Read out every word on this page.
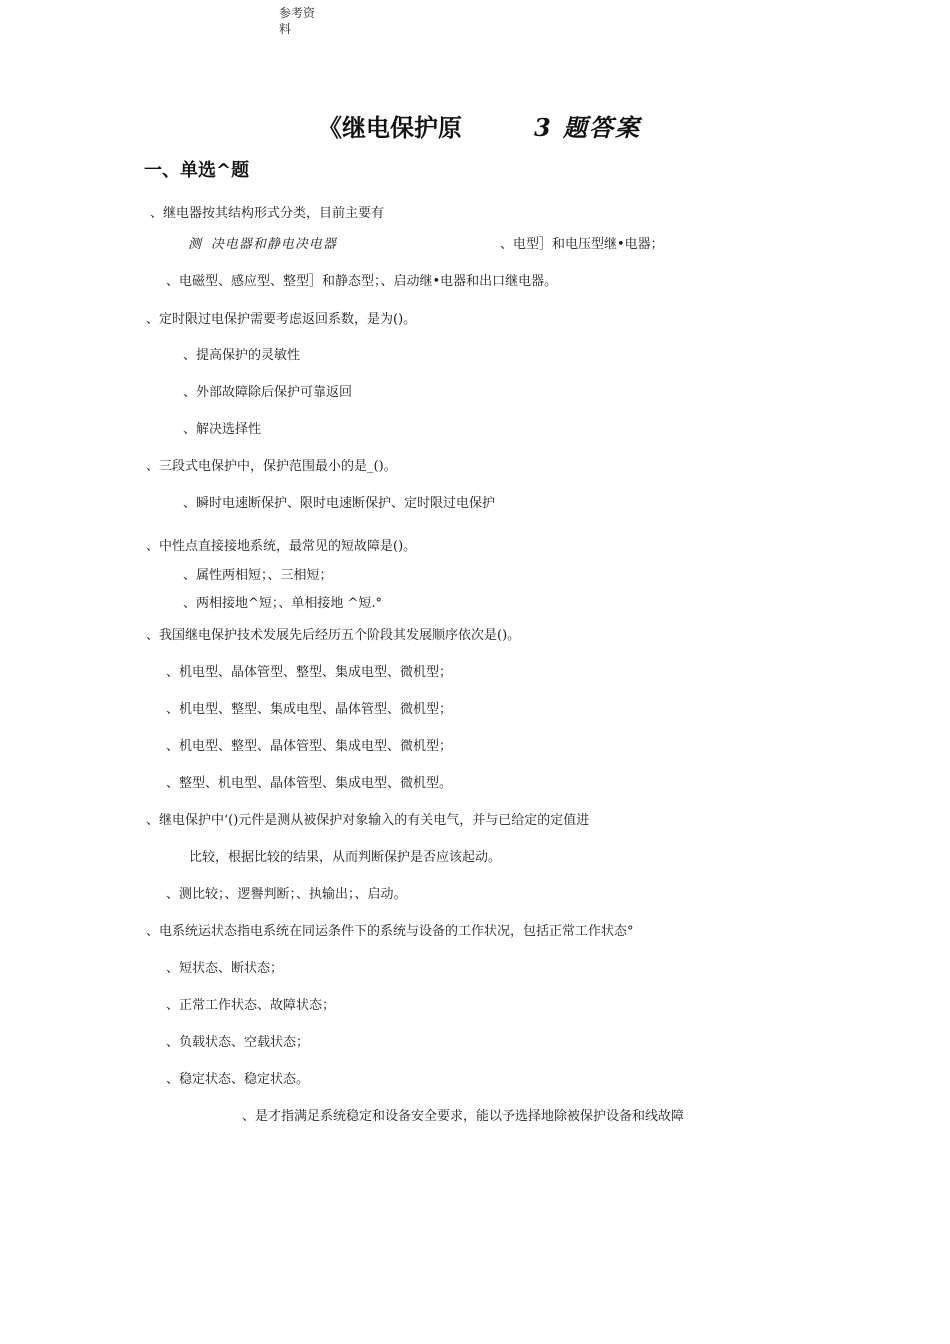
参考资
料
《继电保护原	3 题答案
一、单选^题
、继电器按其结构形式分类，目前主要有
测 决电器和静电决电器	、电型］和电压型继•电器；
、电磁型、感应型、整型］和静态型；、启动继•电器和出口继电器。
、定时限过电保护需要考虑返回系数，是为()。
、提高保护的灵敏性
、外部故障除后保护可靠返回
、解决选择性
、三段式电保护中，保护范围最小的是_()。
、瞬时电速断保护、限时电速断保护、定时限过电保护
、中性点直接接地系统，最常见的短故障是()。
、属性两相短；、三相短；
、两相接地^短；、单相接地 ^短.°
、我国继电保护技术发展先后经历五个阶段其发展顺序依次是()。
、机电型、晶体管型、整型、集成电型、微机型；
、机电型、整型、集成电型、晶体管型、微机型；
、机电型、整型、晶体管型、集成电型、微机型；
、整型、机电型、晶体管型、集成电型、微机型。
、继电保护中‘()元件是测从被保护对象输入的有关电气，并与已给定的定值进
比较，根据比较的结果，从而判断保护是否应该起动。
、测比较；、逻譽判断；、执输出；、启动。
、电系统运状态指电系统在同运条件下的系统与设备的工作状况，包括正常工作状态°
、短状态、断状态；
、正常工作状态、故障状态；
、负载状态、空载状态；
、稳定状态、稳定状态。
、是才指满足系统稳定和设备安全要求，能以予选择地除被保护设备和线故障
